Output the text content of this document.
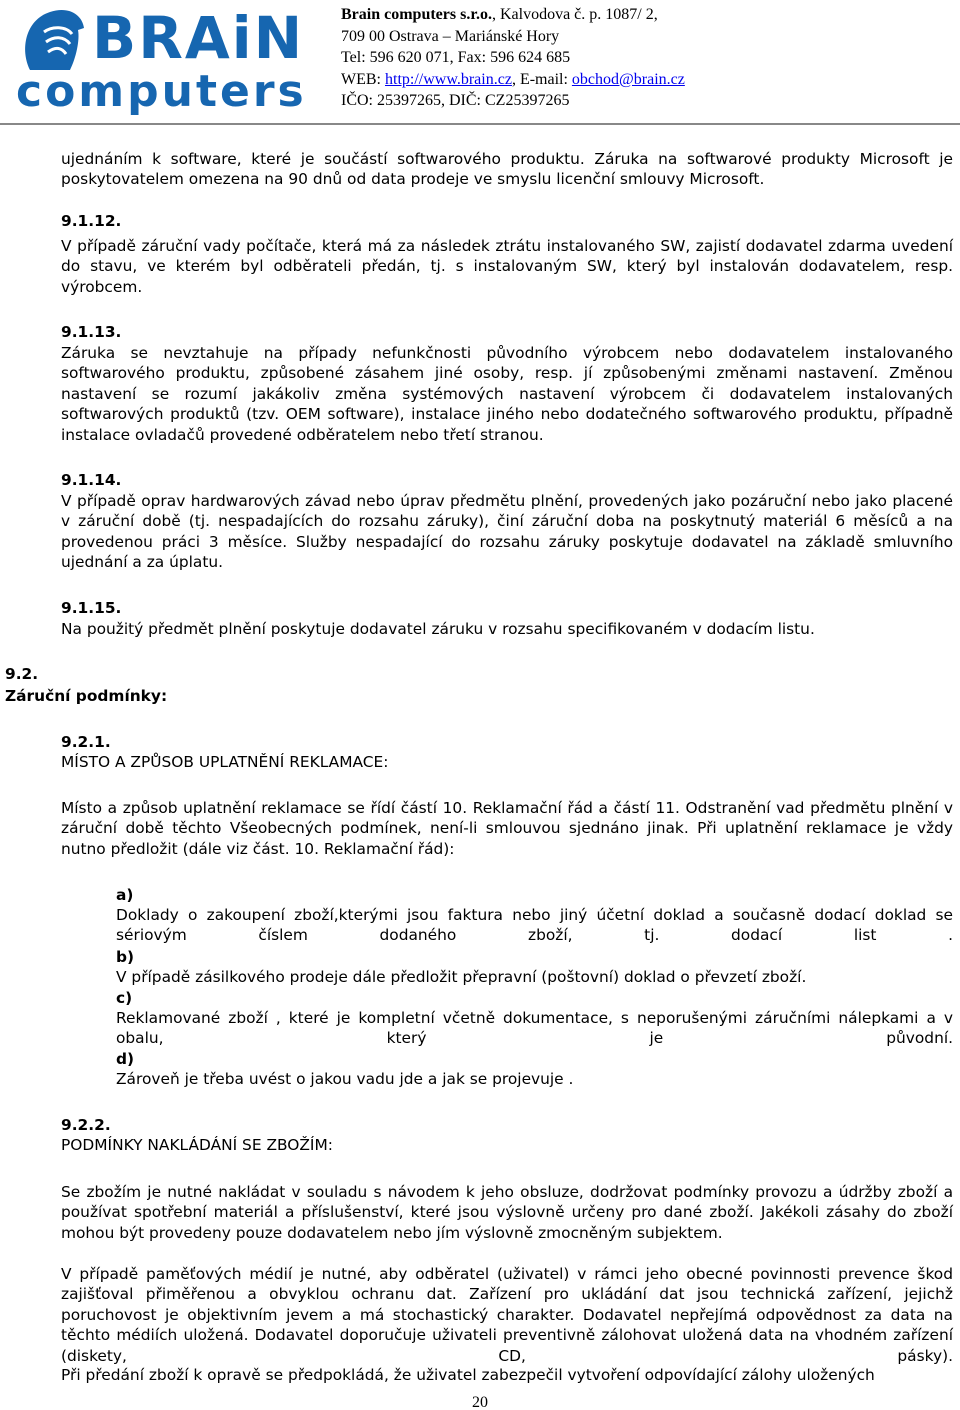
BRAiN
computers
Brain computers s.r.o., Kalvodova č. p. 1087/ 2,
709 00 Ostrava – Mariánské Hory
Tel: 596 620 071, Fax: 596 624 685
WEB: http://www.brain.cz, E-mail: obchod@brain.cz
IČO: 25397265, DIČ: CZ25397265
ujednáním k software, které je součástí softwarového produktu. Záruka na softwarové produkty Microsoft je poskytovatelem omezena na 90 dnů od data prodeje ve smyslu licenční smlouvy Microsoft.
9.1.12.
V případě záruční vady počítače, která má za následek ztrátu instalovaného SW, zajistí dodavatel zdarma uvedení do stavu, ve kterém byl odběrateli předán, tj. s instalovaným SW, který byl instalován dodavatelem, resp. výrobcem.
9.1.13.
Záruka se nevztahuje na případy nefunkčnosti původního výrobcem nebo dodavatelem instalovaného softwarového produktu, způsobené zásahem jiné osoby, resp. jí způsobenými změnami nastavení. Změnou nastavení se rozumí jakákoliv změna systémových nastavení výrobcem či dodavatelem instalovaných softwarových produktů (tzv. OEM software), instalace jiného nebo dodatečného softwarového produktu, případně instalace ovladačů provedené odběratelem nebo třetí stranou.
9.1.14.
V případě oprav hardwarových závad nebo úprav předmětu plnění, provedených jako pozáruční nebo jako placené v záruční době (tj. nespadajících do rozsahu záruky), činí záruční doba na poskytnutý materiál 6 měsíců a na provedenou práci 3 měsíce. Služby nespadající do rozsahu záruky poskytuje dodavatel na základě smluvního ujednání a za úplatu.
9.1.15.
Na použitý předmět plnění poskytuje dodavatel záruku v rozsahu specifikovaném v dodacím listu.
9.2.
Záruční podmínky:
9.2.1.
MÍSTO A ZPŮSOB UPLATNĚNÍ REKLAMACE:
Místo a způsob uplatnění reklamace se řídí částí 10. Reklamační řád a částí 11. Odstranění vad předmětu plnění v záruční době těchto Všeobecných podmínek, není-li smlouvou sjednáno jinak. Při uplatnění reklamace je vždy nutno předložit (dále viz část. 10. Reklamační řád):
a)
Doklady o zakoupení zboží,kterými jsou faktura nebo jiný účetní doklad a současně dodací doklad se sériovým číslem dodaného zboží, tj. dodací list .
b)
V případě zásilkového prodeje dále předložit přepravní (poštovní) doklad o převzetí zboží.
c)
Reklamované zboží , které je kompletní včetně dokumentace, s neporušenými záručními nálepkami a v obalu, který je původní.
d)
Zároveň je třeba uvést o jakou vadu jde a jak se projevuje .
9.2.2.
PODMÍNKY NAKLÁDÁNÍ SE ZBOŽÍM:
Se zbožím je nutné nakládat v souladu s návodem k jeho obsluze, dodržovat podmínky provozu a údržby zboží a používat spotřební materiál a příslušenství, které jsou výslovně určeny pro dané zboží. Jakékoli zásahy do zboží mohou být provedeny pouze dodavatelem nebo jím výslovně zmocněným subjektem.
V případě paměťových médií je nutné, aby odběratel (uživatel) v rámci jeho obecné povinnosti prevence škod zajišťoval přiměřenou a obvyklou ochranu dat. Zařízení pro ukládání dat jsou technická zařízení, jejichž poruchovost je objektivním jevem a má stochastický charakter. Dodavatel nepřejímá odpovědnost za data na těchto médiích uložená. Dodavatel doporučuje uživateli preventivně zálohovat uložená data na vhodném zařízení (diskety, CD, pásky).
Při předání zboží k opravě se předpokládá, že uživatel zabezpečil vytvoření odpovídající zálohy uložených
20
